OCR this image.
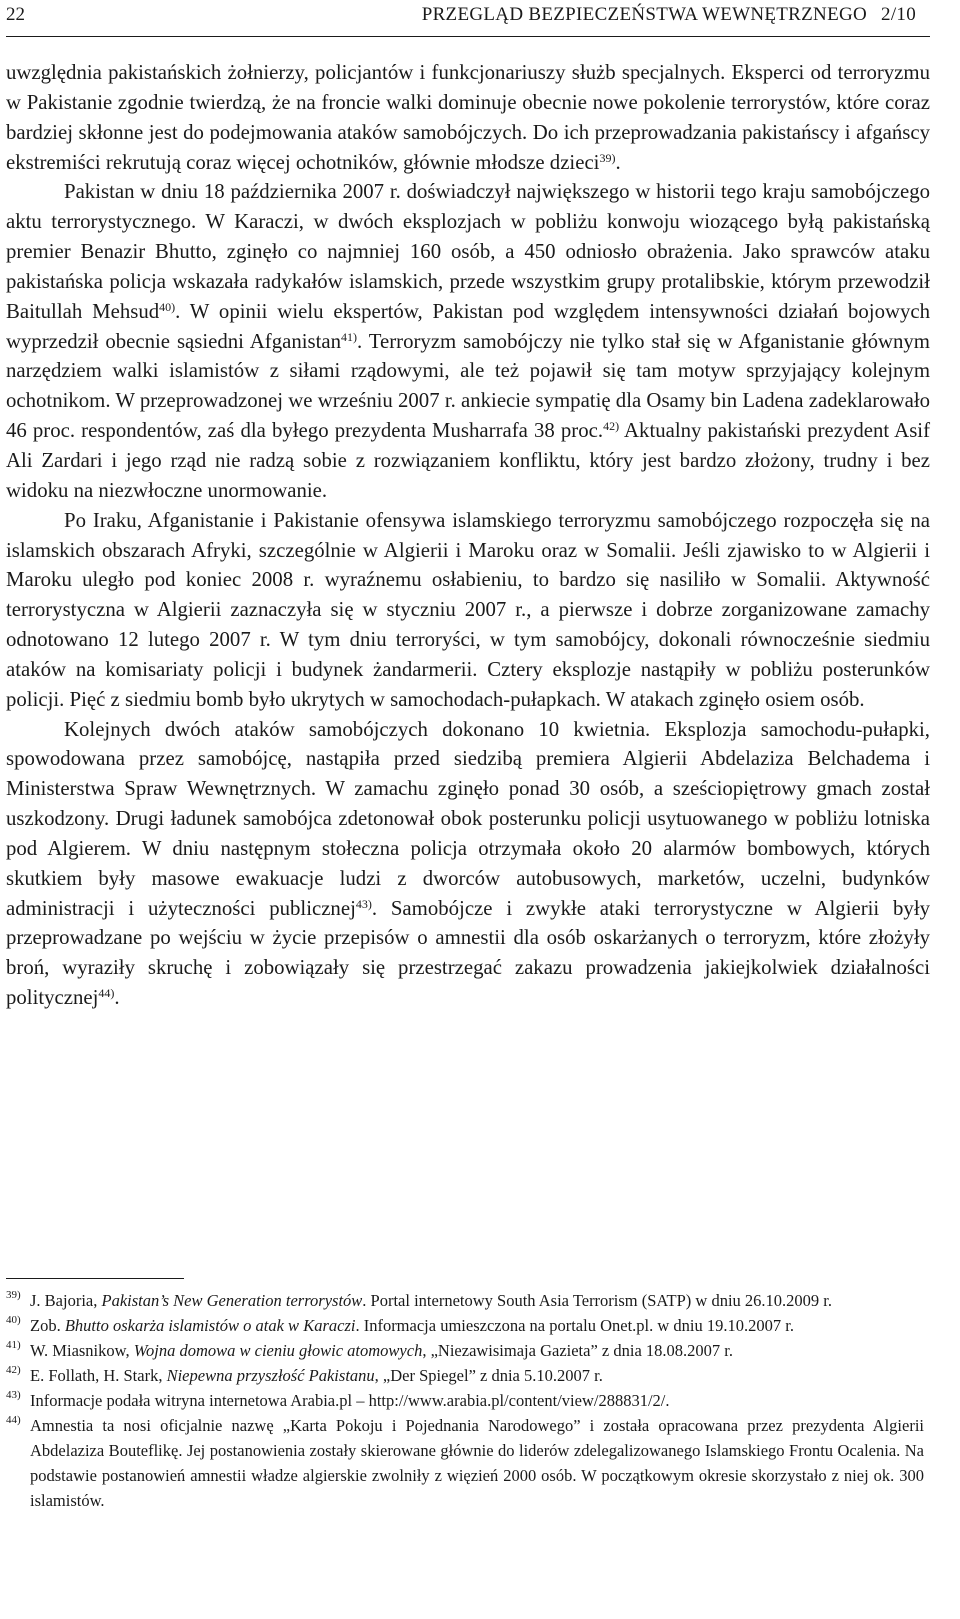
22	PRZEGLĄD BEZPIECZEŃSTWA WEWNĘTRZNEGO 2/10

uwzględnia pakistańskich żołnierzy, policjantów i funkcjonariuszy służb specjalnych. Eksperci od terroryzmu w Pakistanie zgodnie twierdzą, że na froncie walki dominuje obecnie nowe pokolenie terrorystów, które coraz bardziej skłonne jest do podejmowania ataków samobójczych. Do ich przeprowadzania pakistańscy i afgańscy ekstremiści rekrutują coraz więcej ochotników, głównie młodsze dzieci$^{39)}$.

Pakistan w dniu 18 października 2007 r. doświadczył największego w historii tego kraju samobójczego aktu terrorystycznego. W Karaczi, w dwóch eksplozjach w pobliżu konwoju wiozącego byłą pakistańską premier Benazir Bhutto, zginęło co najmniej 160 osób, a 450 odniosło obrażenia. Jako sprawców ataku pakistańska policja wskazała radykałów islamskich, przede wszystkim grupy protalibskie, którym przewodził Baitullah Mehsud$^{40)}$. W opinii wielu ekspertów, Pakistan pod względem intensywności działań bojowych wyprzedził obecnie sąsiedni Afganistan$^{41)}$. Terroryzm samobójczy nie tylko stał się w Afganistanie głównym narzędziem walki islamistów z siłami rządowymi, ale też pojawił się tam motyw sprzyjający kolejnym ochotnikom. W przeprowadzonej we wrześniu 2007 r. ankiecie sympatię dla Osamy bin Ladena zadeklarowało 46 proc. respondentów, zaś dla byłego prezydenta Musharrafa 38 proc.$^{42)}$ Aktualny pakistański prezydent Asif Ali Zardari i jego rząd nie radzą sobie z rozwiązaniem konfliktu, który jest bardzo złożony, trudny i bez widoku na niezwłoczne unormowanie.

Po Iraku, Afganistanie i Pakistanie ofensywa islamskiego terroryzmu samobójczego rozpoczęła się na islamskich obszarach Afryki, szczególnie w Algierii i Maroku oraz w Somalii. Jeśli zjawisko to w Algierii i Maroku uległo pod koniec 2008 r. wyraźnemu osłabieniu, to bardzo się nasiliło w Somalii. Aktywność terrorystyczna w Algierii zaznaczyła się w styczniu 2007 r., a pierwsze i dobrze zorganizowane zamachy odnotowano 12 lutego 2007 r. W tym dniu terroryści, w tym samobójcy, dokonali równocześnie siedmiu ataków na komisariaty policji i budynek żandarmerii. Cztery eksplozje nastąpiły w pobliżu posterunków policji. Pięć z siedmiu bomb było ukrytych w samochodach-pułapkach. W atakach zginęło osiem osób.

Kolejnych dwóch ataków samobójczych dokonano 10 kwietnia. Eksplozja samochodu-pułapki, spowodowana przez samobójcę, nastąpiła przed siedzibą premiera Algierii Abdelaziza Belchadema i Ministerstwa Spraw Wewnętrznych. W zamachu zginęło ponad 30 osób, a sześciopiętrowy gmach został uszkodzony. Drugi ładunek samobójca zdetonował obok posterunku policji usytuowanego w pobliżu lotniska pod Algierem. W dniu następnym stołeczna policja otrzymała około 20 alarmów bombowych, których skutkiem były masowe ewakuacje ludzi z dworców autobusowych, marketów, uczelni, budynków administracji i użyteczności publicznej$^{43)}$. Samobójcze i zwykłe ataki terrorystyczne w Algierii były przeprowadzane po wejściu w życie przepisów o amnestii dla osób oskarżanych o terroryzm, które złożyły broń, wyraziły skruchę i zobowiązały się przestrzegać zakazu prowadzenia jakiejkolwiek działalności politycznej$^{44)}$.

39) J. Bajoria, Pakistan’s New Generation terrorystów. Portal internetowy South Asia Terrorism (SATP) w dniu 26.10.2009 r.
40) Zob. Bhutto oskarża islamistów o atak w Karaczi. Informacja umieszczona na portalu Onet.pl. w dniu 19.10.2007 r.
41) W. Miasnikow, Wojna domowa w cieniu głowic atomowych, „Niezawisimaja Gazieta” z dnia 18.08.2007 r.
42) E. Follath, H. Stark, Niepewna przyszłość Pakistanu, „Der Spiegel” z dnia 5.10.2007 r.
43) Informacje podała witryna internetowa Arabia.pl – http://www.arabia.pl/content/view/288831/2/.
44) Amnestia ta nosi oficjalnie nazwę „Karta Pokoju i Pojednania Narodowego” i została opracowana przez prezydenta Algierii Abdelaziza Bouteflikę. Jej postanowienia zostały skierowane głównie do liderów zdelegalizowanego Islamskiego Frontu Ocalenia. Na podstawie postanowień amnestii władze algierskie zwolniły z więzień 2000 osób. W początkowym okresie skorzystało z niej ok. 300 islamistów.
